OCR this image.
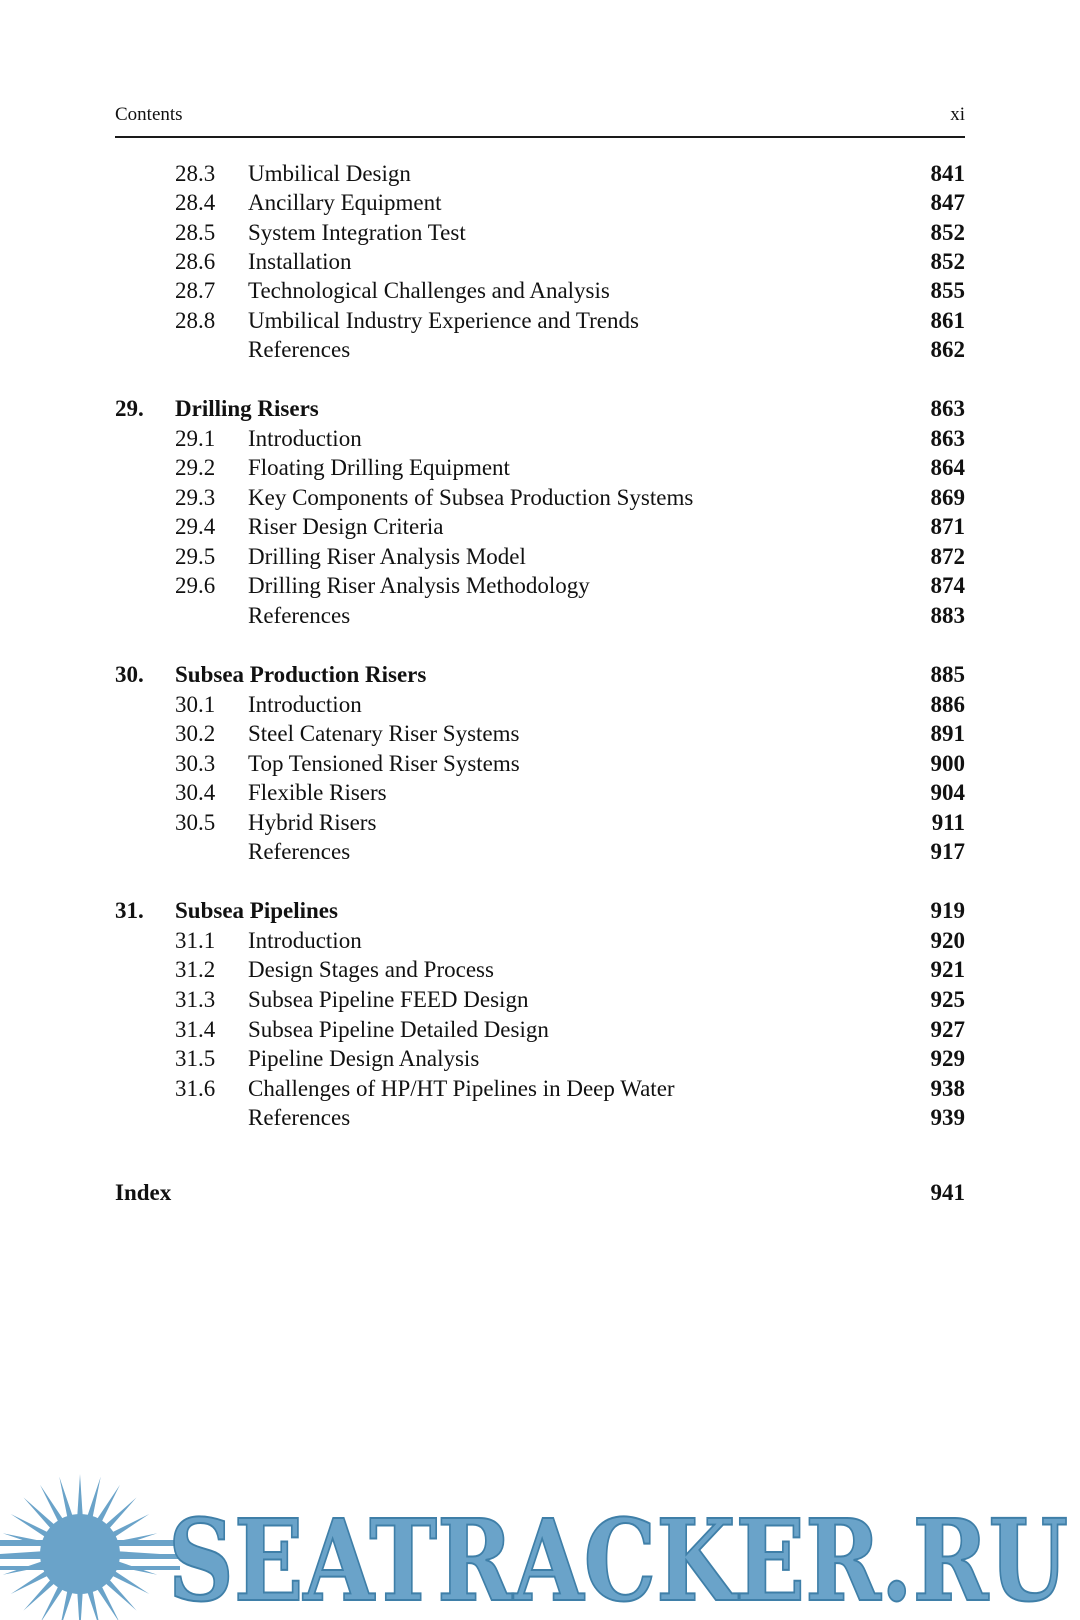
Contents	xi
28.3 Umbilical Design	841
28.4 Ancillary Equipment	847
28.5 System Integration Test	852
28.6 Installation	852
28.7 Technological Challenges and Analysis	855
28.8 Umbilical Industry Experience and Trends	861
References	862
29. Drilling Risers	863
29.1 Introduction	863
29.2 Floating Drilling Equipment	864
29.3 Key Components of Subsea Production Systems	869
29.4 Riser Design Criteria	871
29.5 Drilling Riser Analysis Model	872
29.6 Drilling Riser Analysis Methodology	874
References	883
30. Subsea Production Risers	885
30.1 Introduction	886
30.2 Steel Catenary Riser Systems	891
30.3 Top Tensioned Riser Systems	900
30.4 Flexible Risers	904
30.5 Hybrid Risers	911
References	917
31. Subsea Pipelines	919
31.1 Introduction	920
31.2 Design Stages and Process	921
31.3 Subsea Pipeline FEED Design	925
31.4 Subsea Pipeline Detailed Design	927
31.5 Pipeline Design Analysis	929
31.6 Challenges of HP/HT Pipelines in Deep Water	938
References	939
Index	941
SEATRACKER.RU
